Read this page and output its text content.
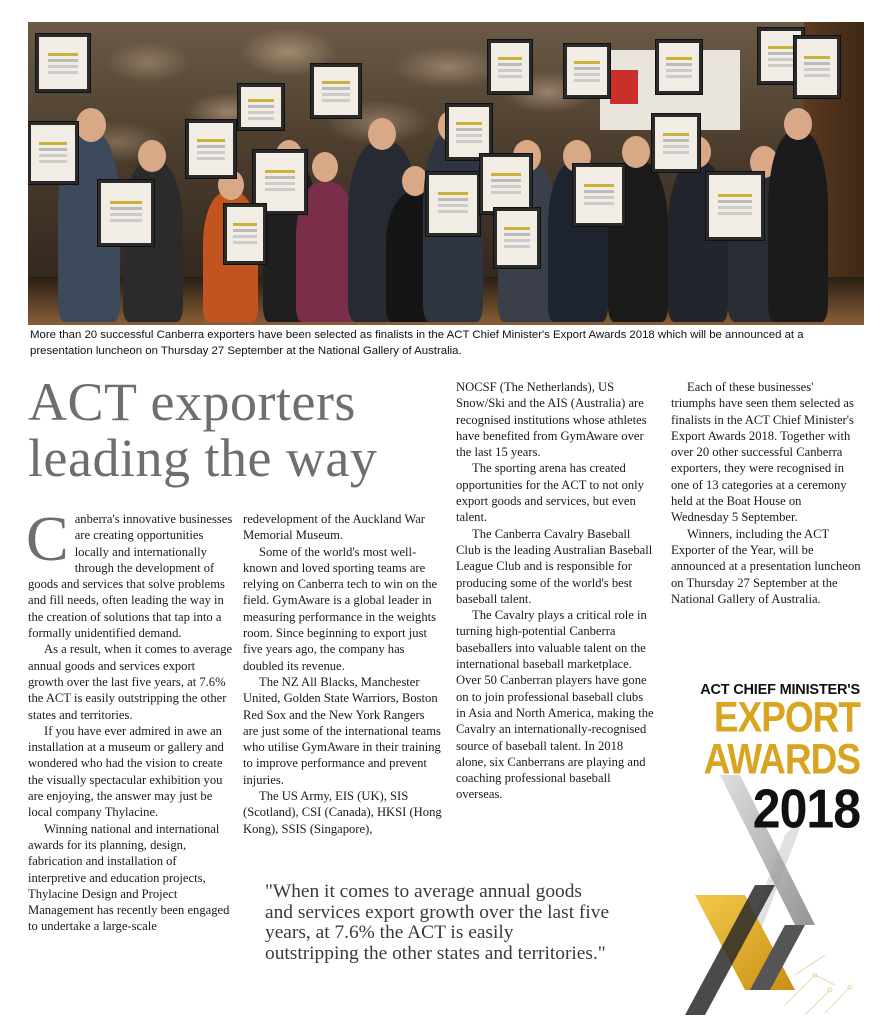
More than 20 successful Canberra exporters have been selected as finalists in the ACT Chief Minister's Export Awards 2018 which will be announced at a presentation luncheon on Thursday 27 September at the National Gallery of Australia.
ACT exporters leading the way

Canberra's innovative businesses are creating opportunities locally and internationally through the development of goods and services that solve problems and fill needs, often leading the way in the creation of solutions that tap into a formally unidentified demand.

As a result, when it comes to average annual goods and services export growth over the last five years, at 7.6% the ACT is easily outstripping the other states and territories.

If you have ever admired in awe an installation at a museum or gallery and wondered who had the vision to create the visually spectacular exhibition you are enjoying, the answer may just be local company Thylacine.

Winning national and international awards for its planning, design, fabrication and installation of interpretive and education projects, Thylacine Design and Project Management has recently been engaged to undertake a large-scale

redevelopment of the Auckland War Memorial Museum.

Some of the world's most well-known and loved sporting teams are relying on Canberra tech to win on the field. GymAware is a global leader in measuring performance in the weights room. Since beginning to export just five years ago, the company has doubled its revenue.

The NZ All Blacks, Manchester United, Golden State Warriors, Boston Red Sox and the New York Rangers are just some of the international teams who utilise GymAware in their training to improve performance and prevent injuries.

The US Army, EIS (UK), SIS (Scotland), CSI (Canada), HKSI (Hong Kong), SSIS (Singapore),

NOCSF (The Netherlands), US Snow/Ski and the AIS (Australia) are recognised institutions whose athletes have benefited from GymAware over the last 15 years.

The sporting arena has created opportunities for the ACT to not only export goods and services, but even talent.

The Canberra Cavalry Baseball Club is the leading Australian Baseball League Club and is responsible for producing some of the world's best baseball talent.

The Cavalry plays a critical role in turning high-potential Canberra baseballers into valuable talent on the international baseball marketplace. Over 50 Canberran players have gone on to join professional baseball clubs in Asia and North America, making the Cavalry an internationally-recognised source of baseball talent. In 2018 alone, six Canberrans are playing and coaching professional baseball overseas.

Each of these businesses' triumphs have seen them selected as finalists in the ACT Chief Minister's Export Awards 2018. Together with over 20 other successful Canberra exporters, they were recognised in one of 13 categories at a ceremony held at the Boat House on Wednesday 5 September.

Winners, including the ACT Exporter of the Year, will be announced at a presentation luncheon on Thursday 27 September at the National Gallery of Australia.

"When it comes to average annual goods and services export growth over the last five years, at 7.6% the ACT is easily outstripping the other states and territories."

ACT CHIEF MINISTER'S
EXPORT
AWARDS
2018
